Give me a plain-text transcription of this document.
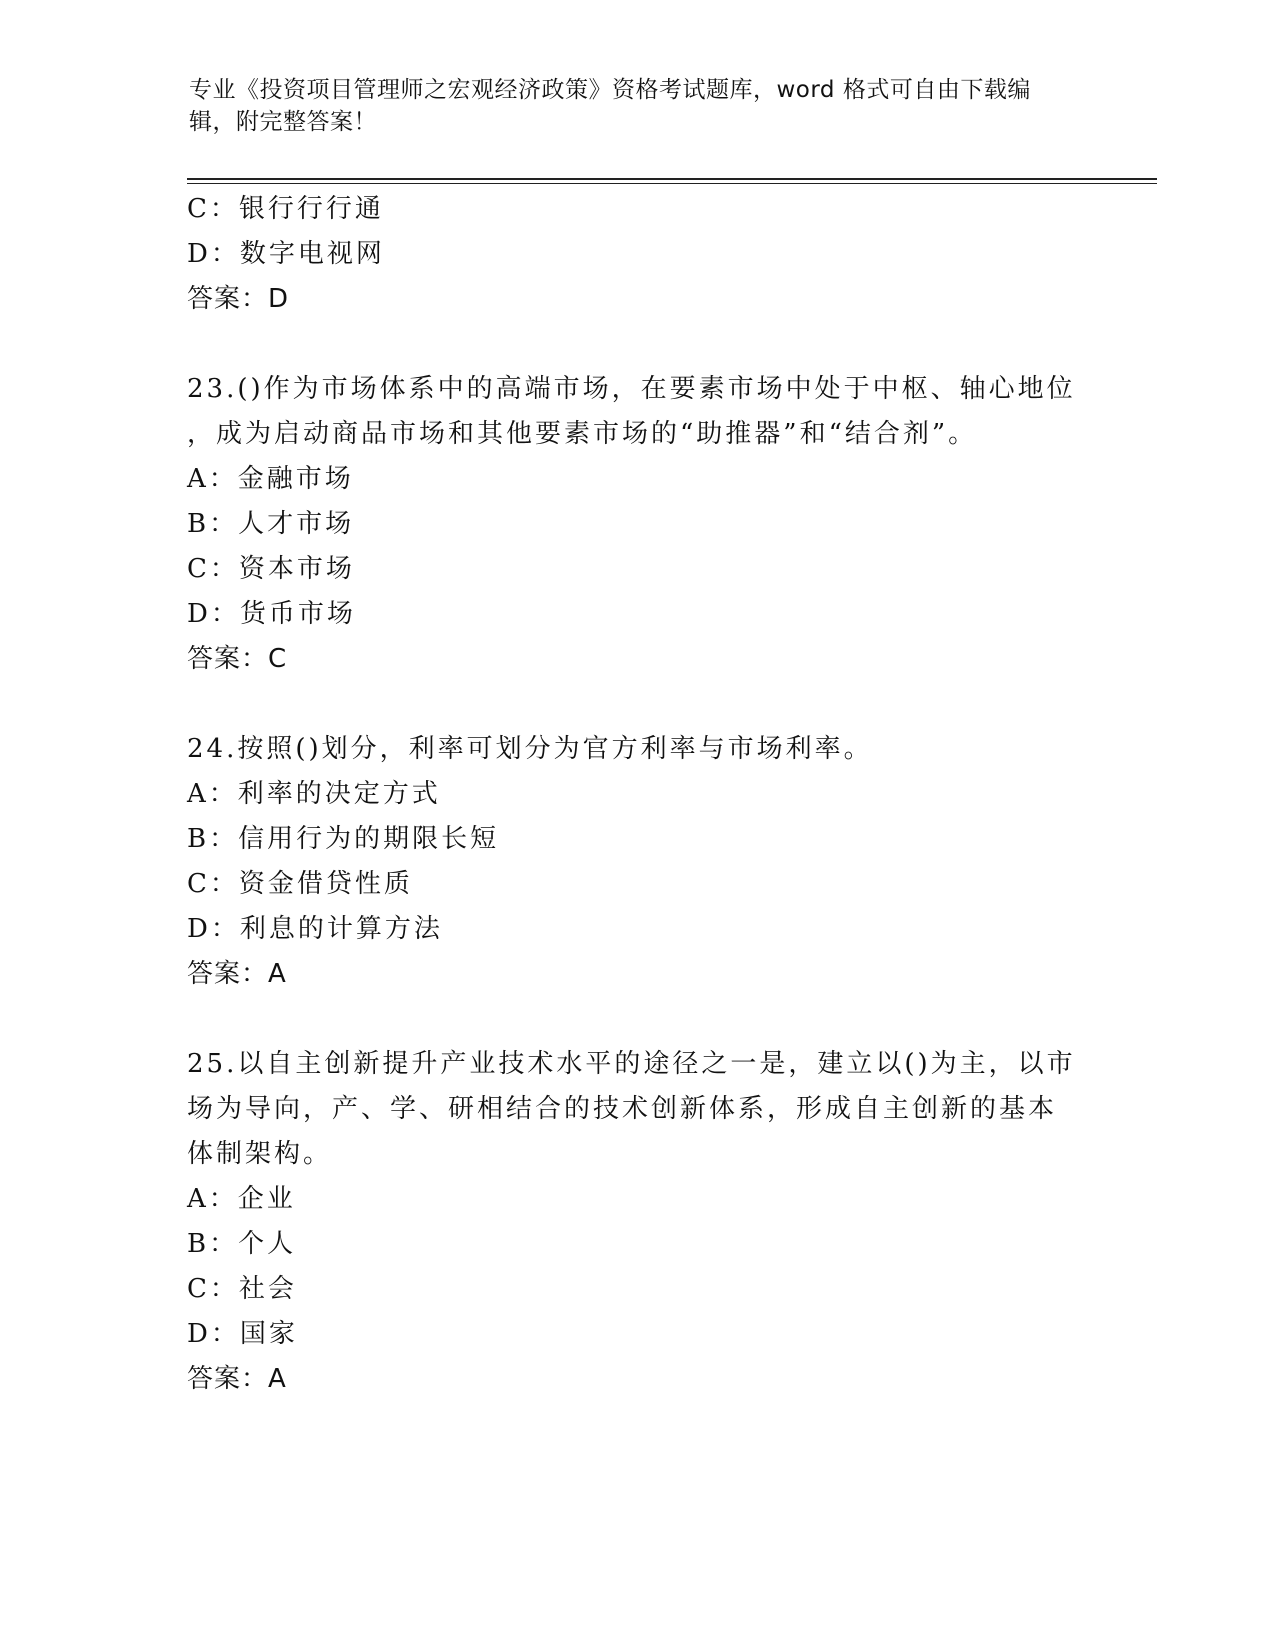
专业《投资项目管理师之宏观经济政策》资格考试题库，word 格式可自由下载编
辑，附完整答案！
C：银行行行通
D：数字电视网
答案：D
23.()作为市场体系中的高端市场，在要素市场中处于中枢、轴心地位
，成为启动商品市场和其他要素市场的“助推器”和“结合剂”。
A：金融市场
B：人才市场
C：资本市场
D：货币市场
答案：C
24.按照()划分，利率可划分为官方利率与市场利率。
A：利率的决定方式
B：信用行为的期限长短
C：资金借贷性质
D：利息的计算方法
答案：A
25.以自主创新提升产业技术水平的途径之一是，建立以()为主，以市
场为导向，产、学、研相结合的技术创新体系，形成自主创新的基本
体制架构。
A：企业
B：个人
C：社会
D：国家
答案：A
